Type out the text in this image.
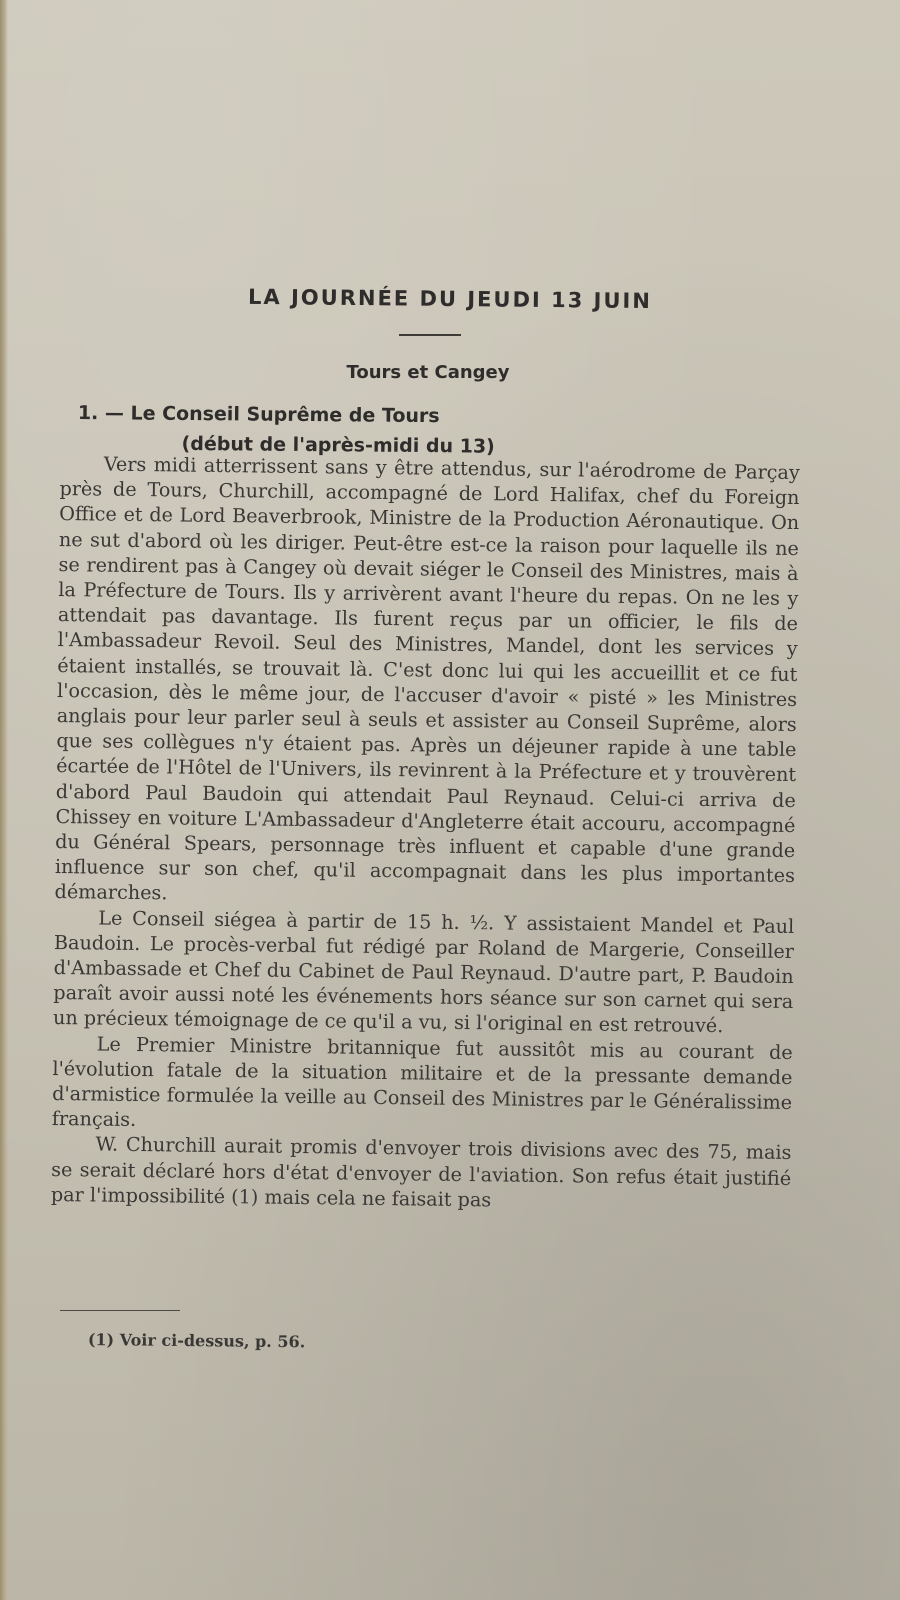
LA JOURNÉE DU JEUDI 13 JUIN
Tours et Cangey
1. — Le Conseil Suprême de Tours
(début de l'après-midi du 13)

Vers midi atterrissent sans y être attendus, sur l'aérodrome de Parçay près de Tours, Churchill, accompagné de Lord Halifax, chef du Foreign Office et de Lord Beaverbrook, Ministre de la Production Aéronautique. On ne sut d'abord où les diriger. Peut-être est-ce la raison pour laquelle ils ne se rendirent pas à Cangey où devait siéger le Conseil des Ministres, mais à la Préfecture de Tours. Ils y arrivèrent avant l'heure du repas. On ne les y attendait pas davantage. Ils furent reçus par un officier, le fils de l'Ambassadeur Revoil. Seul des Ministres, Mandel, dont les services y étaient installés, se trouvait là. C'est donc lui qui les accueillit et ce fut l'occasion, dès le même jour, de l'accuser d'avoir « pisté » les Ministres anglais pour leur parler seul à seuls et assister au Conseil Suprême, alors que ses collègues n'y étaient pas. Après un déjeuner rapide à une table écartée de l'Hôtel de l'Univers, ils revinrent à la Préfecture et y trouvèrent d'abord Paul Baudoin qui attendait Paul Reynaud. Celui-ci arriva de Chissey en voiture L'Ambassadeur d'Angleterre était accouru, accompagné du Général Spears, personnage très influent et capable d'une grande influence sur son chef, qu'il accompagnait dans les plus importantes démarches.

Le Conseil siégea à partir de 15 h. ½. Y assistaient Mandel et Paul Baudoin. Le procès-verbal fut rédigé par Roland de Margerie, Conseiller d'Ambassade et Chef du Cabinet de Paul Reynaud. D'autre part, P. Baudoin paraît avoir aussi noté les événements hors séance sur son carnet qui sera un précieux témoignage de ce qu'il a vu, si l'original en est retrouvé.

Le Premier Ministre britannique fut aussitôt mis au courant de l'évolution fatale de la situation militaire et de la pressante demande d'armistice formulée la veille au Conseil des Ministres par le Généralissime français.

W. Churchill aurait promis d'envoyer trois divisions avec des 75, mais se serait déclaré hors d'état d'envoyer de l'aviation. Son refus était justifié par l'impossibilité (1) mais cela ne faisait pas

(1) Voir ci-dessus, p. 56.
